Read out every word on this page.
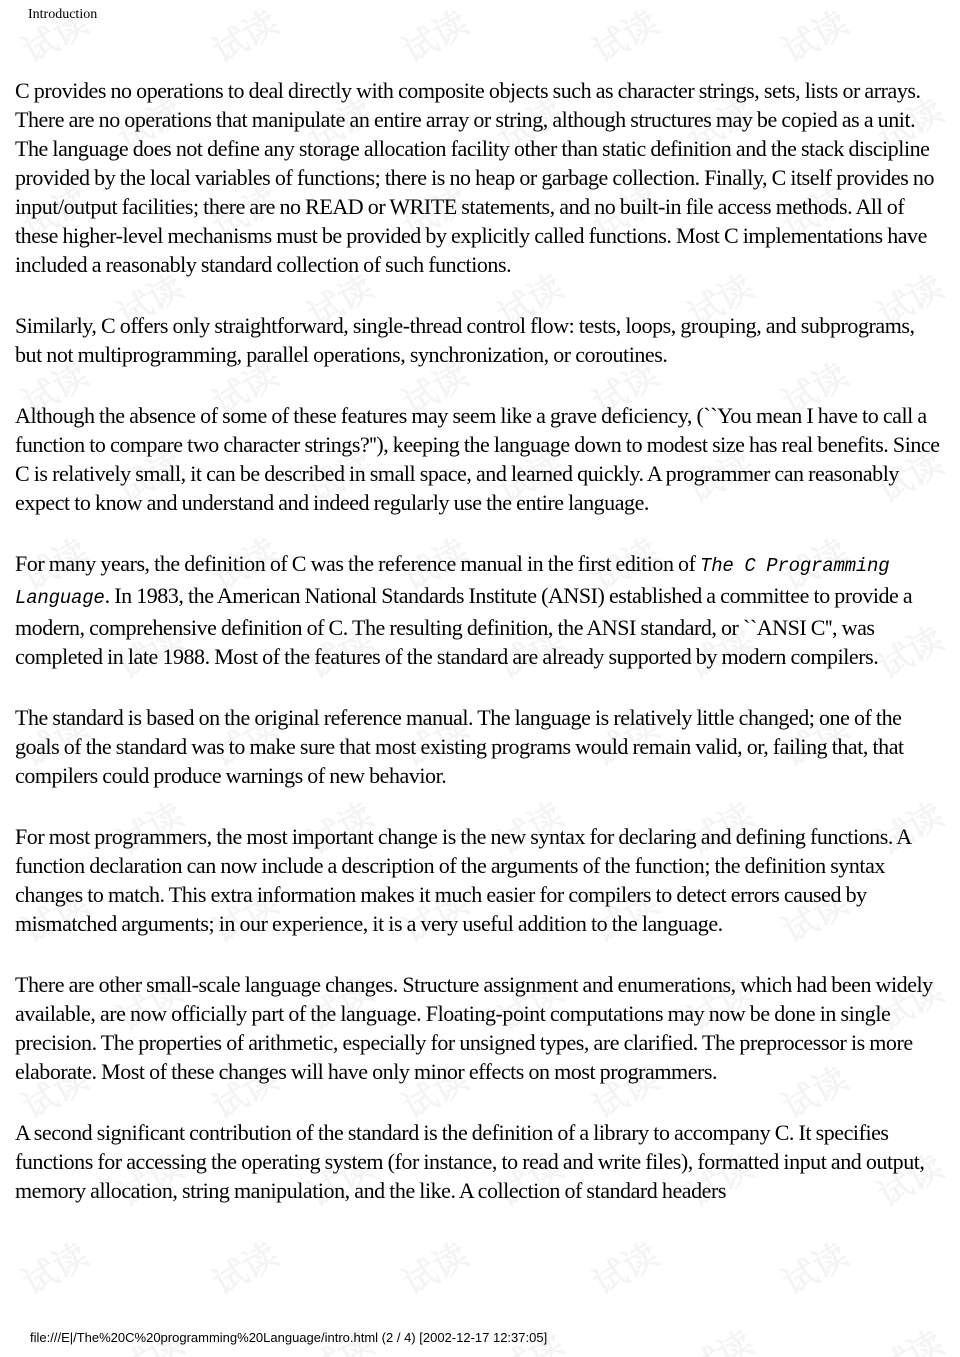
Introduction

C provides no operations to deal directly with composite objects such as character strings, sets, lists or arrays. There are no operations that manipulate an entire array or string, although structures may be copied as a unit. The language does not define any storage allocation facility other than static definition and the stack discipline provided by the local variables of functions; there is no heap or garbage collection. Finally, C itself provides no input/output facilities; there are no READ or WRITE statements, and no built-in file access methods. All of these higher-level mechanisms must be provided by explicitly called functions. Most C implementations have included a reasonably standard collection of such functions.

Similarly, C offers only straightforward, single-thread control flow: tests, loops, grouping, and subprograms, but not multiprogramming, parallel operations, synchronization, or coroutines.

Although the absence of some of these features may seem like a grave deficiency, (``You mean I have to call a function to compare two character strings?''), keeping the language down to modest size has real benefits. Since C is relatively small, it can be described in small space, and learned quickly. A programmer can reasonably expect to know and understand and indeed regularly use the entire language.

For many years, the definition of C was the reference manual in the first edition of The C Programming Language. In 1983, the American National Standards Institute (ANSI) established a committee to provide a modern, comprehensive definition of C. The resulting definition, the ANSI standard, or ``ANSI C'', was completed in late 1988. Most of the features of the standard are already supported by modern compilers.

The standard is based on the original reference manual. The language is relatively little changed; one of the goals of the standard was to make sure that most existing programs would remain valid, or, failing that, that compilers could produce warnings of new behavior.

For most programmers, the most important change is the new syntax for declaring and defining functions. A function declaration can now include a description of the arguments of the function; the definition syntax changes to match. This extra information makes it much easier for compilers to detect errors caused by mismatched arguments; in our experience, it is a very useful addition to the language.

There are other small-scale language changes. Structure assignment and enumerations, which had been widely available, are now officially part of the language. Floating-point computations may now be done in single precision. The properties of arithmetic, especially for unsigned types, are clarified. The preprocessor is more elaborate. Most of these changes will have only minor effects on most programmers.

A second significant contribution of the standard is the definition of a library to accompany C. It specifies functions for accessing the operating system (for instance, to read and write files), formatted input and output, memory allocation, string manipulation, and the like. A collection of standard headers

file:///E|/The%20C%20programming%20Language/intro.html (2 / 4) [2002-12-17 12:37:05]
